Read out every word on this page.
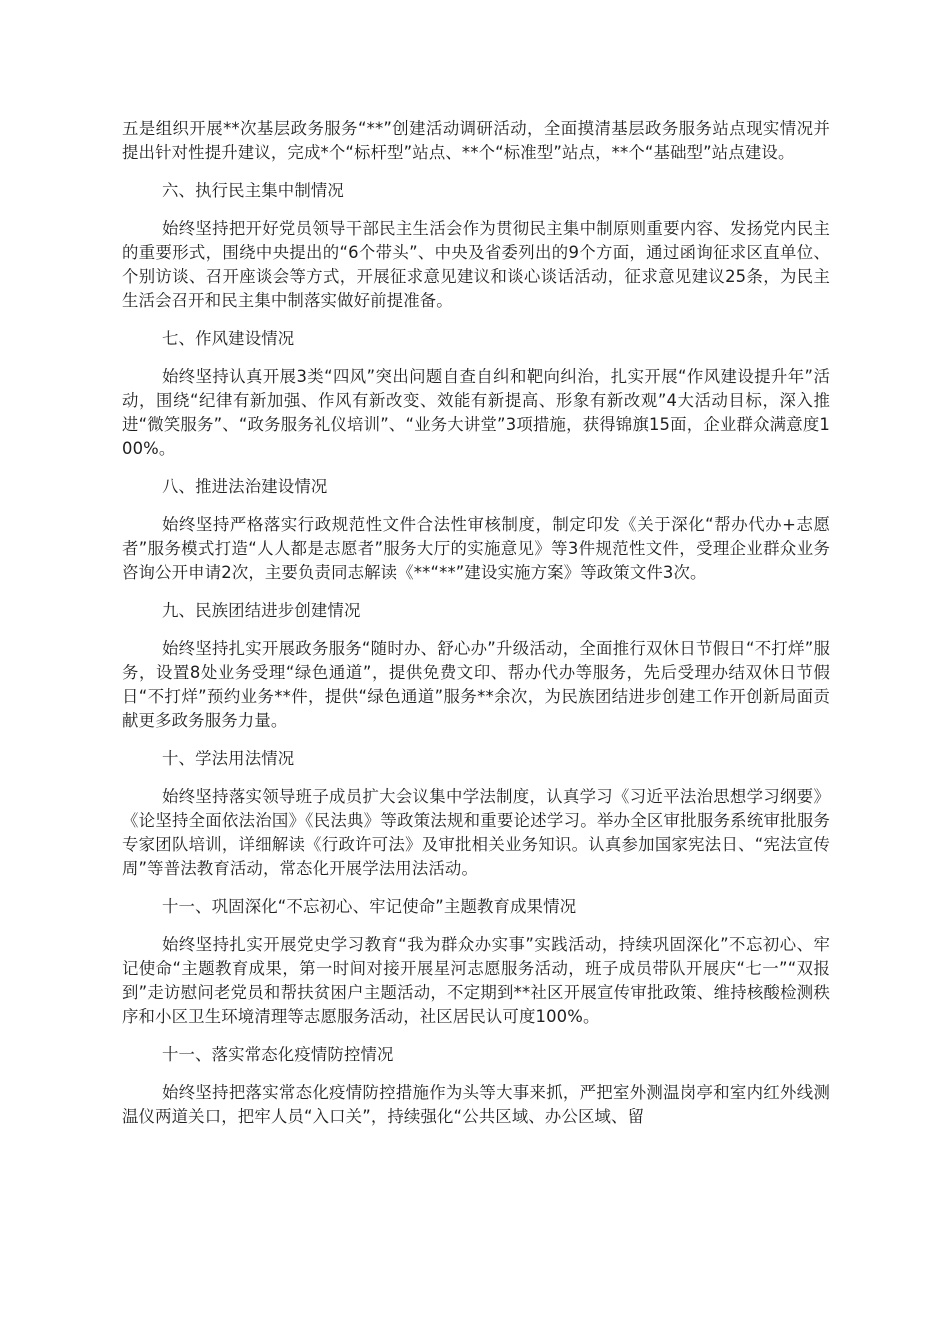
五是组织开展**次基层政务服务“**”创建活动调研活动，全面摸清基层政务服务站点现实情况并提出针对性提升建议，完成*个“标杆型”站点、**个“标准型”站点，**个“基础型”站点建设。

六、执行民主集中制情况

始终坚持把开好党员领导干部民主生活会作为贯彻民主集中制原则重要内容、发扬党内民主的重要形式，围绕中央提出的“6个带头”、中央及省委列出的9个方面，通过函询征求区直单位、个别访谈、召开座谈会等方式，开展征求意见建议和谈心谈话活动，征求意见建议25条，为民主生活会召开和民主集中制落实做好前提准备。

七、作风建设情况

始终坚持认真开展3类“四风”突出问题自查自纠和靶向纠治，扎实开展“作风建设提升年”活动，围绕“纪律有新加强、作风有新改变、效能有新提高、形象有新改观”4大活动目标，深入推进“微笑服务”、“政务服务礼仪培训”、“业务大讲堂”3项措施，获得锦旗15面，企业群众满意度100%。

八、推进法治建设情况

始终坚持严格落实行政规范性文件合法性审核制度，制定印发《关于深化“帮办代办+志愿者”服务模式打造“人人都是志愿者”服务大厅的实施意见》等3件规范性文件，受理企业群众业务咨询公开申请2次，主要负责同志解读《**“**”建设实施方案》等政策文件3次。

九、民族团结进步创建情况

始终坚持扎实开展政务服务“随时办、舒心办”升级活动，全面推行双休日节假日“不打烊”服务，设置8处业务受理“绿色通道”，提供免费文印、帮办代办等服务，先后受理办结双休日节假日“不打烊”预约业务**件，提供“绿色通道”服务**余次，为民族团结进步创建工作开创新局面贡献更多政务服务力量。

十、学法用法情况

始终坚持落实领导班子成员扩大会议集中学法制度，认真学习《习近平法治思想学习纲要》《论坚持全面依法治国》《民法典》等政策法规和重要论述学习。举办全区审批服务系统审批服务专家团队培训，详细解读《行政许可法》及审批相关业务知识。认真参加国家宪法日、“宪法宣传周”等普法教育活动，常态化开展学法用法活动。

十一、巩固深化“不忘初心、牢记使命”主题教育成果情况

始终坚持扎实开展党史学习教育“我为群众办实事”实践活动，持续巩固深化”不忘初心、牢记使命“主题教育成果，第一时间对接开展星河志愿服务活动，班子成员带队开展庆“七一”“双报到”走访慰问老党员和帮扶贫困户主题活动，不定期到**社区开展宣传审批政策、维持核酸检测秩序和小区卫生环境清理等志愿服务活动，社区居民认可度100%。

十一、落实常态化疫情防控情况

始终坚持把落实常态化疫情防控措施作为头等大事来抓，严把室外测温岗亭和室内红外线测温仪两道关口，把牢人员“入口关”，持续强化“公共区域、办公区域、留
